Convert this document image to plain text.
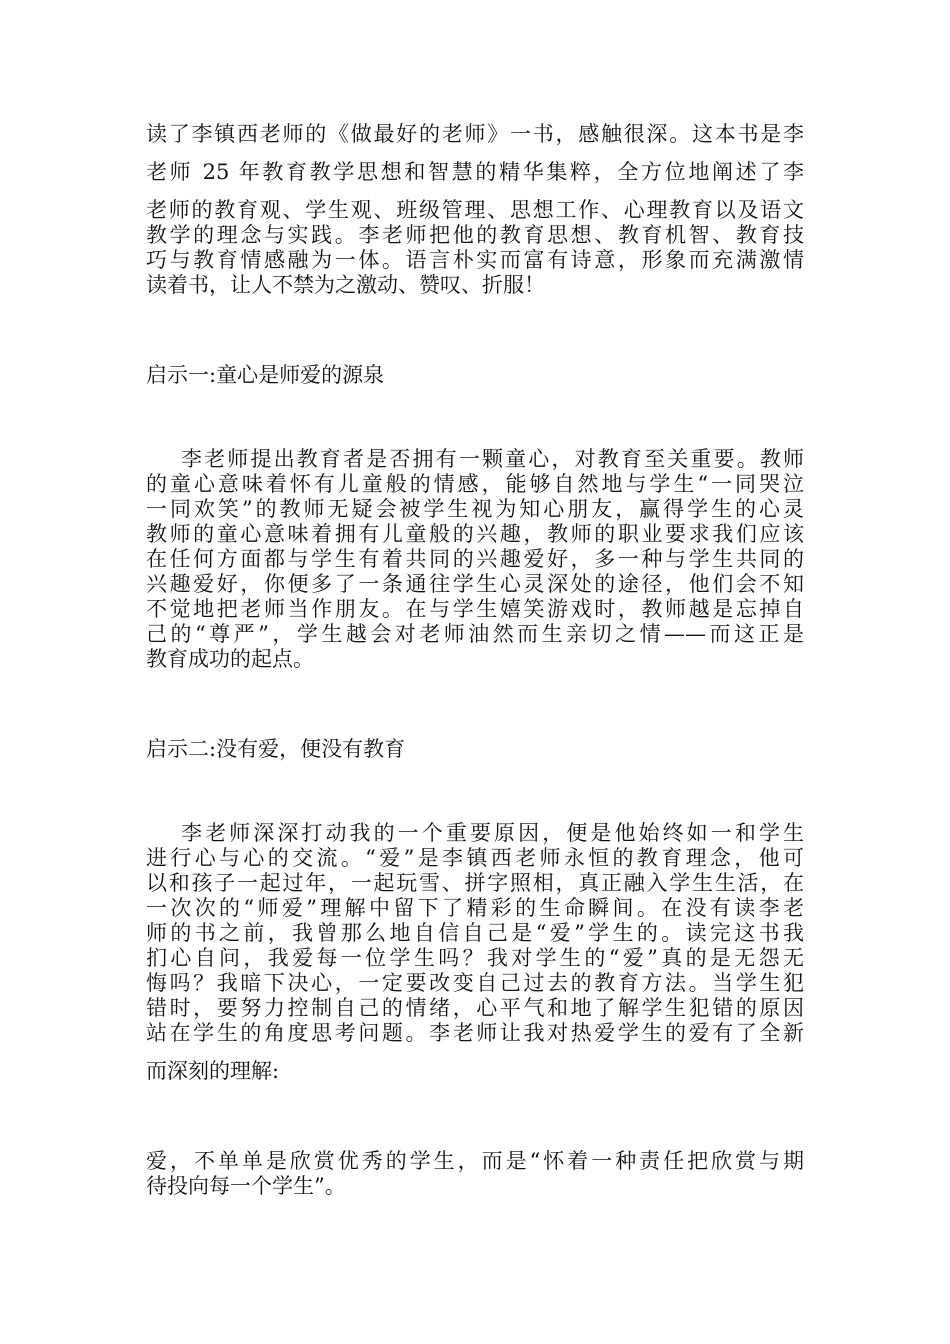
读了李镇西老师的《做最好的老师》一书，感触很深。这本书是李
老师 25 年教育教学思想和智慧的精华集粹，全方位地阐述了李
老师的教育观、学生观、班级管理、思想工作、心理教育以及语文
教学的理念与实践。李老师把他的教育思想、教育机智、教育技
巧与教育情感融为一体。语言朴实而富有诗意，形象而充满激情
读着书，让人不禁为之激动、赞叹、折服！
启示一:童心是师爱的源泉
李老师提出教育者是否拥有一颗童心，对教育至关重要。教师
的童心意味着怀有儿童般的情感，能够自然地与学生“一同哭泣
一同欢笑”的教师无疑会被学生视为知心朋友，赢得学生的心灵
教师的童心意味着拥有儿童般的兴趣，教师的职业要求我们应该
在任何方面都与学生有着共同的兴趣爱好，多一种与学生共同的
兴趣爱好，你便多了一条通往学生心灵深处的途径，他们会不知
不觉地把老师当作朋友。在与学生嬉笑游戏时，教师越是忘掉自
己的“尊严”，学生越会对老师油然而生亲切之情——而这正是
教育成功的起点。
启示二:没有爱，便没有教育
李老师深深打动我的一个重要原因，便是他始终如一和学生
进行心与心的交流。“爱”是李镇西老师永恒的教育理念，他可
以和孩子一起过年，一起玩雪、拼字照相，真正融入学生生活，在
一次次的“师爱”理解中留下了精彩的生命瞬间。在没有读李老
师的书之前，我曾那么地自信自己是“爱”学生的。读完这书我
扪心自问，我爱每一位学生吗？我对学生的“爱”真的是无怨无
悔吗？我暗下决心，一定要改变自己过去的教育方法。当学生犯
错时，要努力控制自己的情绪，心平气和地了解学生犯错的原因
站在学生的角度思考问题。李老师让我对热爱学生的爱有了全新
而深刻的理解:
爱，不单单是欣赏优秀的学生，而是“怀着一种责任把欣赏与期
待投向每一个学生”。
